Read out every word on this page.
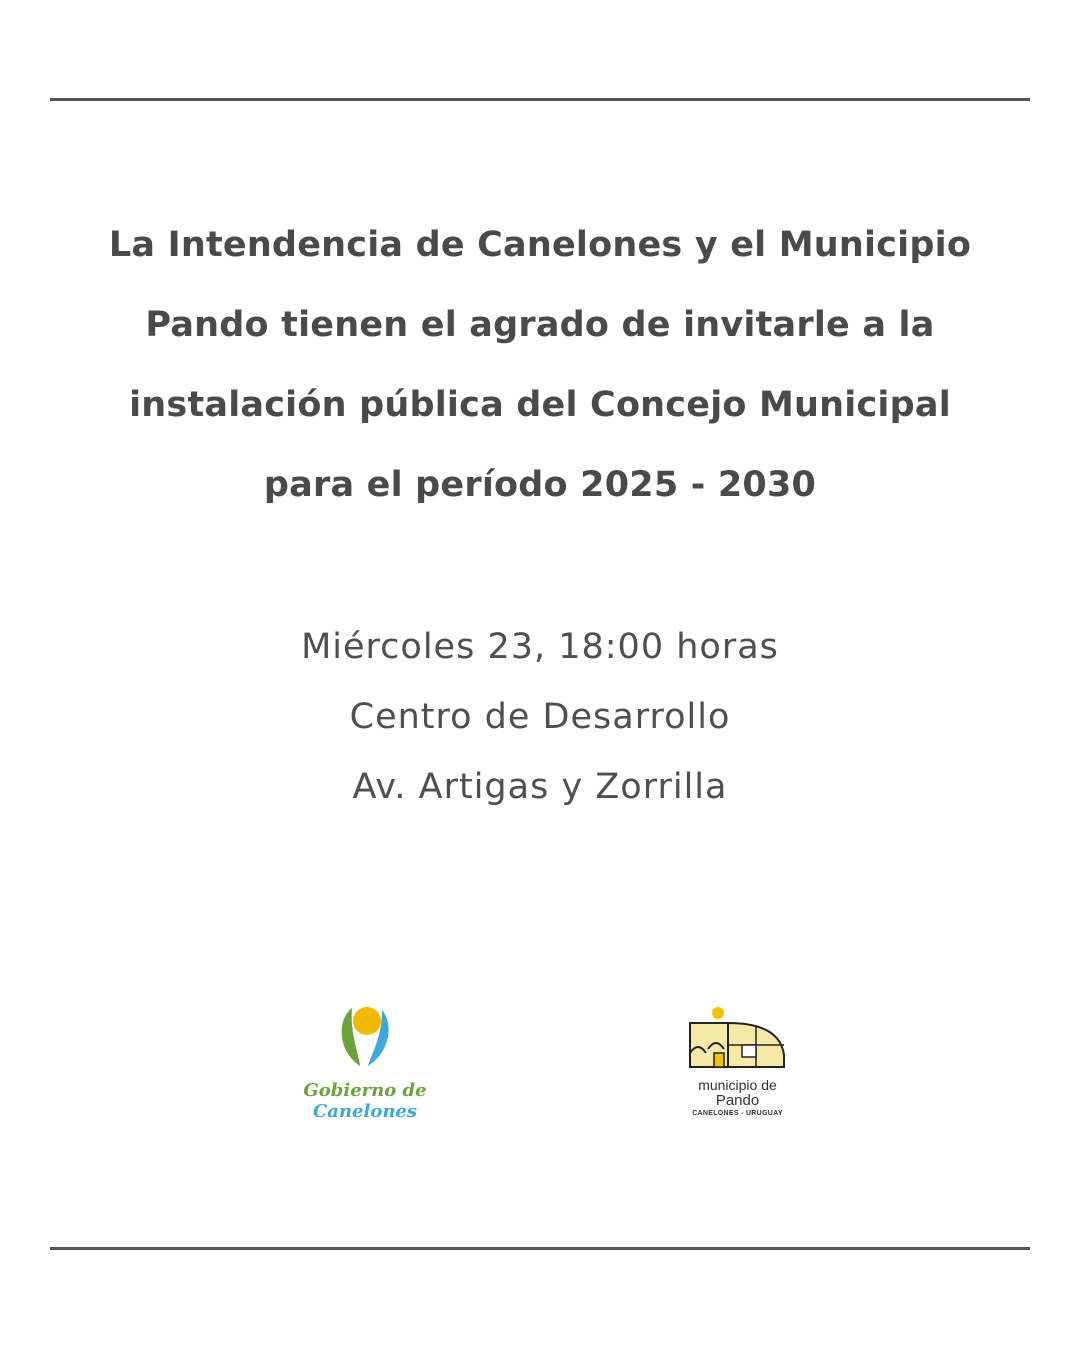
La Intendencia de Canelones y el Municipio
Pando tienen el agrado de invitarle a la
instalación pública del Concejo Municipal
para el período 2025 - 2030
Miércoles 23, 18:00 horas
Centro de Desarrollo
Av. Artigas y Zorrilla
Gobierno de
Canelones
municipio de
Pando
CANELONES - URUGUAY
